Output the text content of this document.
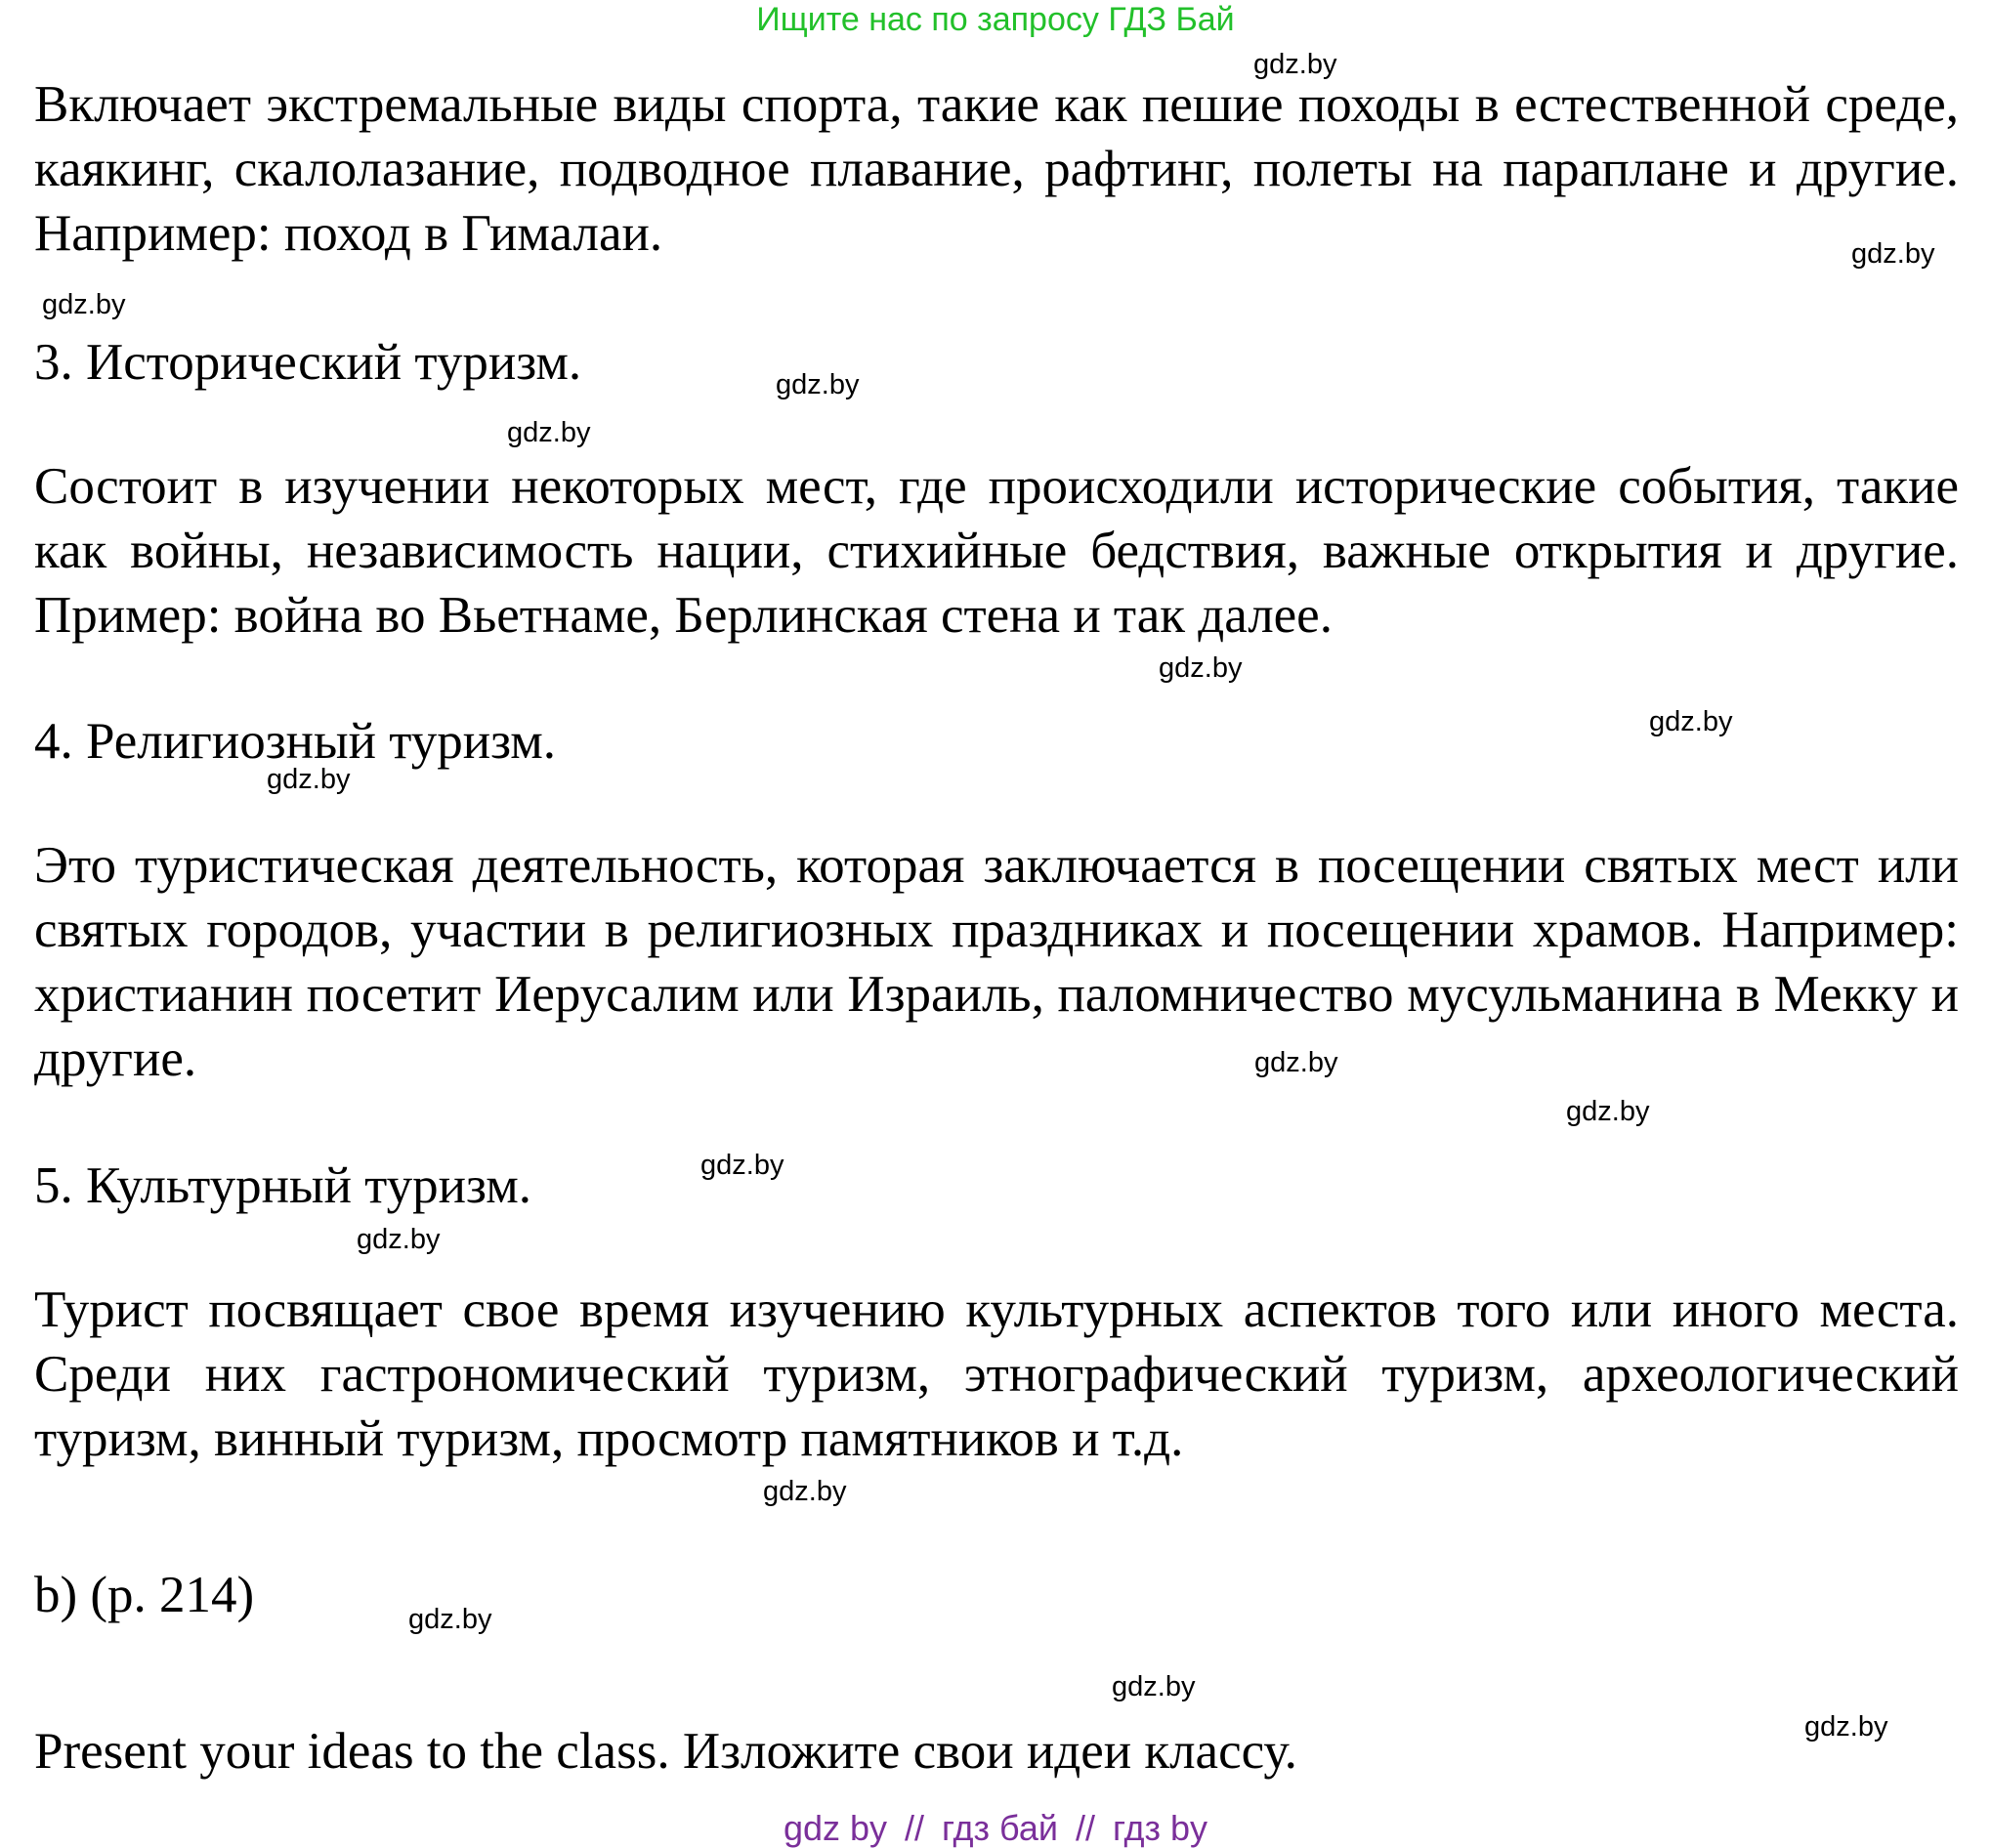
Ищите нас по запросу ГДЗ Бай
Включает экстремальные виды спорта, такие как пешие походы в естественной среде, каякинг, скалолазание, подводное плавание, рафтинг, полеты на параплане и другие. Например: поход в Гималаи.
3. Исторический туризм.
Состоит в изучении некоторых мест, где происходили исторические события, такие как войны, независимость нации, стихийные бедствия, важные открытия и другие. Пример: война во Вьетнаме, Берлинская стена и так далее.
4. Религиозный туризм.
Это туристическая деятельность, которая заключается в посещении святых мест или святых городов, участии в религиозных праздниках и посещении храмов. Например: христианин посетит Иерусалим или Израиль, паломничество мусульманина в Мекку и другие.
5. Культурный туризм.
Турист посвящает свое время изучению культурных аспектов того или иного места. Среди них гастрономический туризм, этнографический туризм, археологический туризм, винный туризм, просмотр памятников и т.д.
b) (p. 214)
Present your ideas to the class. Изложите свои идеи классу.
gdz.by
gdz.by
gdz.by
gdz.by
gdz.by
gdz.by
gdz.by
gdz.by
gdz.by
gdz.by
gdz.by
gdz.by
gdz.by
gdz.by
gdz.by
gdz.by
gdz by // гдз бай // гдз by
